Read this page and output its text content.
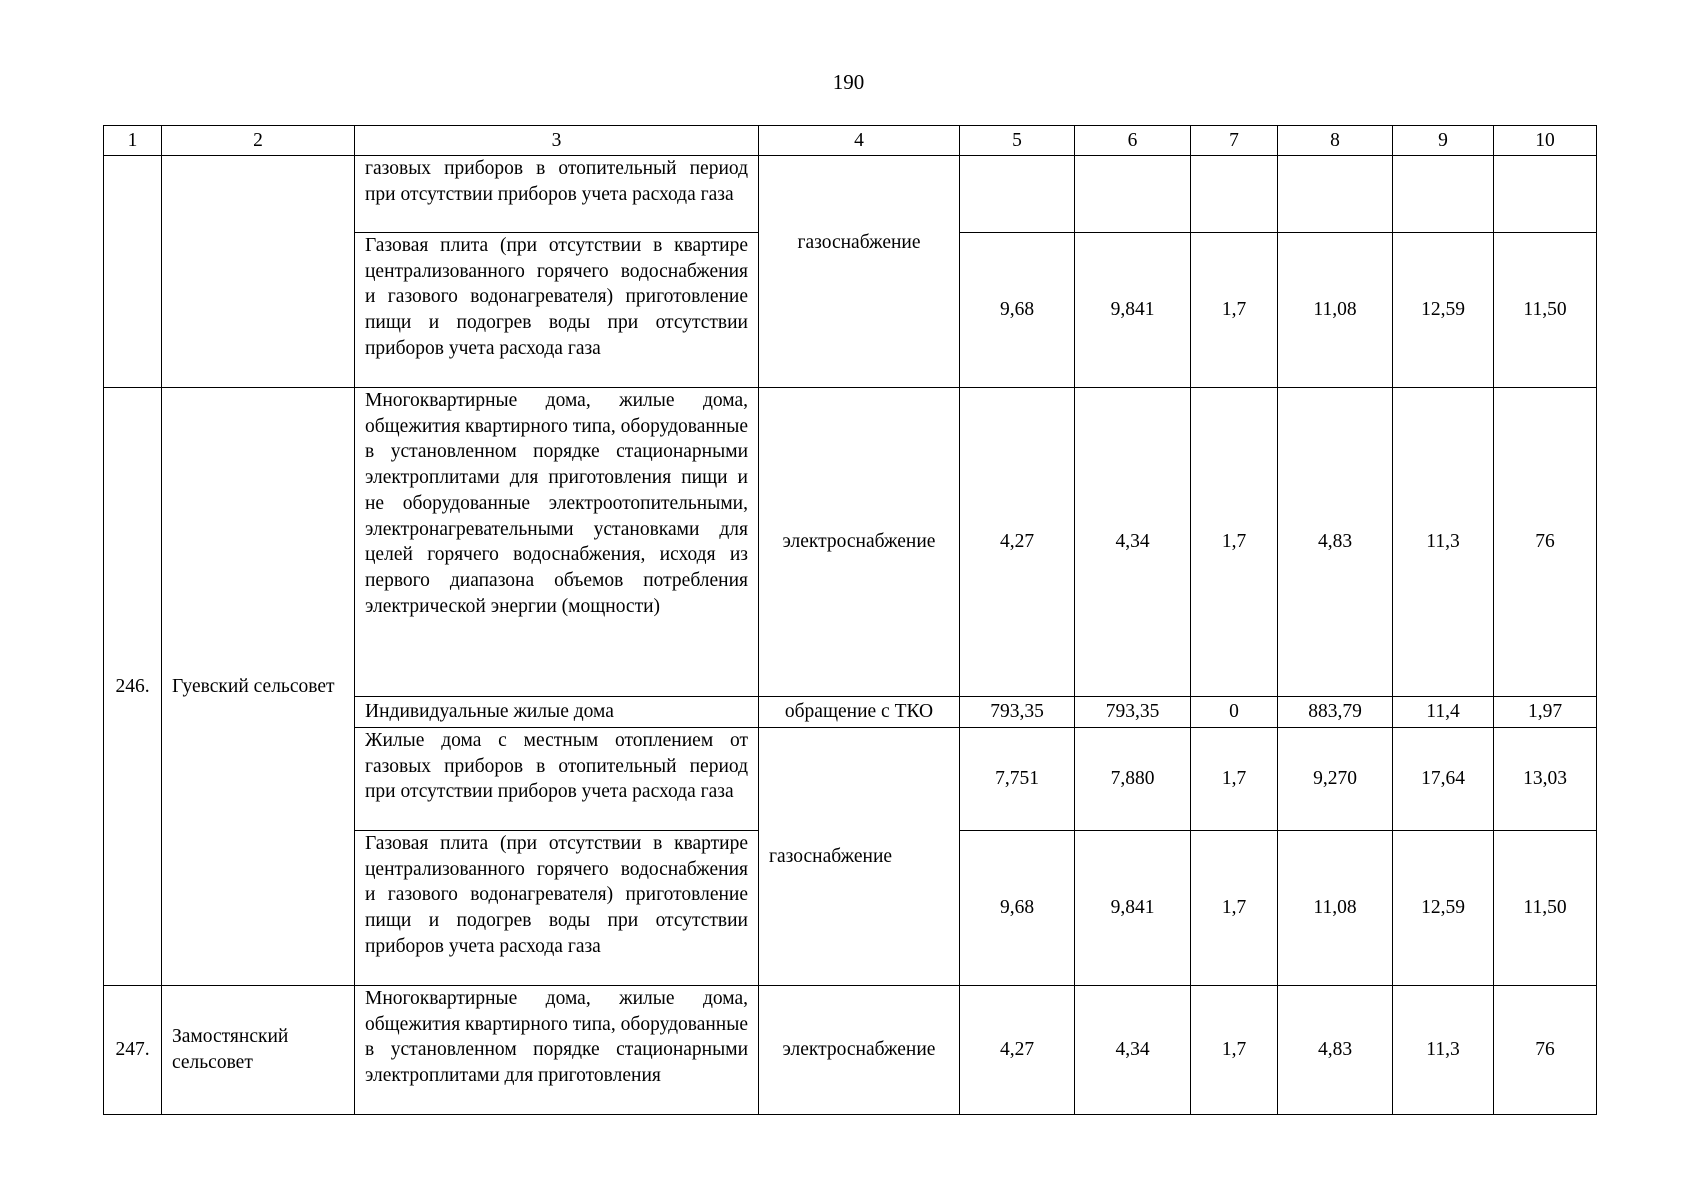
190
1	2	3	4	5	6	7	8	9	10
		газовых приборов в отопительный период при отсутствии приборов учета расхода газа	газоснабжение						

		Газовая плита (при отсутствии в квартире централизованного горячего водоснабжения и газового водонагревателя) приготовление пищи и подогрев воды при отсутствии приборов учета расхода газа		9,68	9,841	1,7	11,08	12,59	11,50
246.	Гуевский сельсовет	Многоквартирные дома, жилые дома, общежития квартирного типа, оборудованные в установленном порядке стационарными электроплитами для приготовления пищи и не оборудованные электроотопительными, электронагревательными установками для целей горячего водоснабжения, исходя из первого диапазона объемов потребления электрической энергии (мощности)	электроснабжение	4,27	4,34	1,7	4,83	11,3	76
		Индивидуальные жилые дома	обращение с ТКО	793,35	793,35	0	883,79	11,4	1,97
		Жилые дома с местным отоплением от газовых приборов в отопительный период при отсутствии приборов учета расхода газа	газоснабжение	7,751	7,880	1,7	9,270	17,64	13,03
		Газовая плита (при отсутствии в квартире централизованного горячего водоснабжения и газового водонагревателя) приготовление пищи и подогрев воды при отсутствии приборов учета расхода газа		9,68	9,841	1,7	11,08	12,59	11,50
247.	Замостянский сельсовет	Многоквартирные дома, жилые дома, общежития квартирного типа, оборудованные в установленном порядке стационарными электроплитами для приготовления	электроснабжение	4,27	4,34	1,7	4,83	11,3	76
